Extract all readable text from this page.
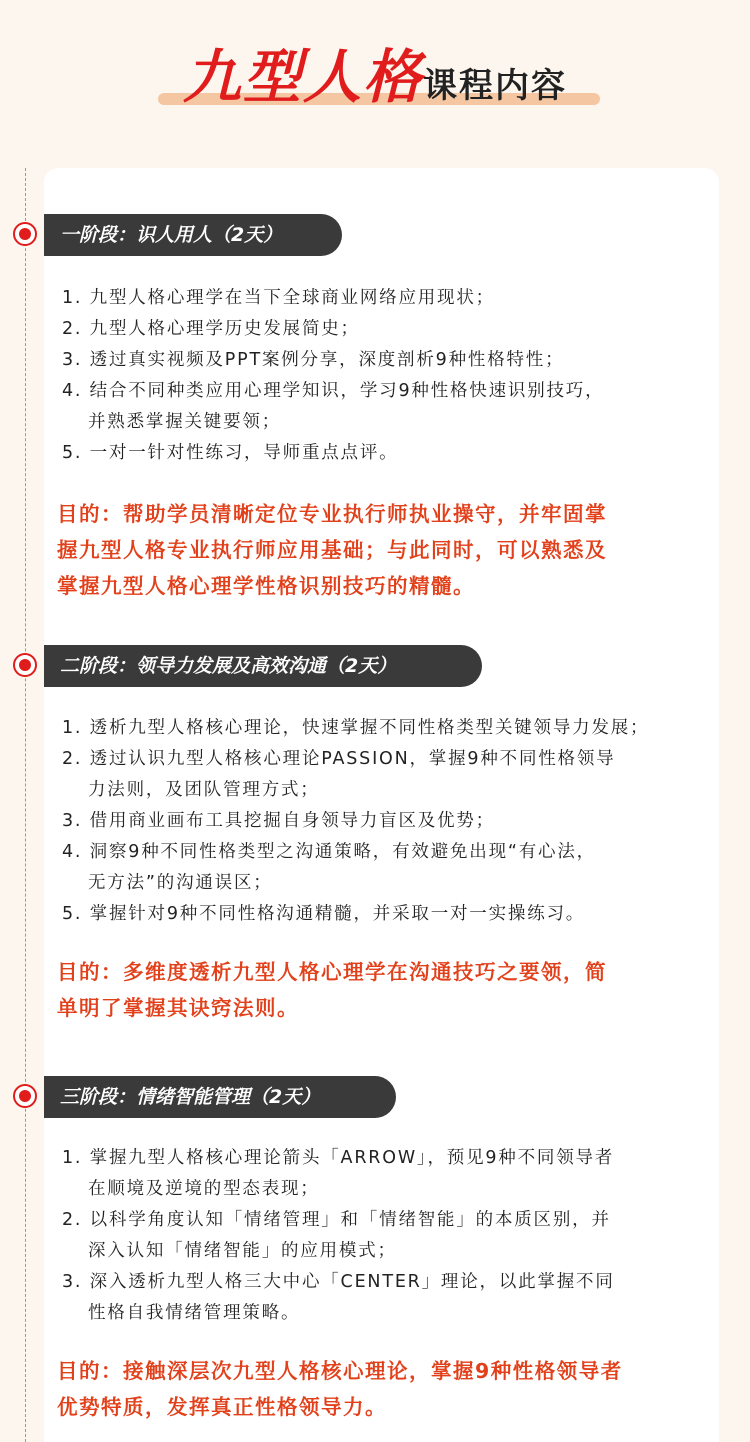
九型人格课程内容
一阶段：识人用人（2天）
1. 九型人格心理学在当下全球商业网络应用现状；
2. 九型人格心理学历史发展简史；
3. 透过真实视频及PPT案例分享，深度剖析9种性格特性；
4. 结合不同种类应用心理学知识，学习9种性格快速识别技巧，
并熟悉掌握关键要领；
5. 一对一针对性练习，导师重点点评。
目的：帮助学员清晰定位专业执行师执业操守，并牢固掌
握九型人格专业执行师应用基础；与此同时，可以熟悉及
掌握九型人格心理学性格识别技巧的精髓。
二阶段：领导力发展及高效沟通（2天）
1. 透析九型人格核心理论，快速掌握不同性格类型关键领导力发展；
2. 透过认识九型人格核心理论PASSION，掌握9种不同性格领导
力法则，及团队管理方式；
3. 借用商业画布工具挖掘自身领导力盲区及优势；
4. 洞察9种不同性格类型之沟通策略，有效避免出现“有心法，
无方法”的沟通误区；
5. 掌握针对9种不同性格沟通精髓，并采取一对一实操练习。
目的：多维度透析九型人格心理学在沟通技巧之要领，简
单明了掌握其诀窍法则。
三阶段：情绪智能管理（2天）
1. 掌握九型人格核心理论箭头「ARROW」，预见9种不同领导者
在顺境及逆境的型态表现；
2. 以科学角度认知「情绪管理」和「情绪智能」的本质区别，并
深入认知「情绪智能」的应用模式；
3. 深入透析九型人格三大中心「CENTER」理论，以此掌握不同
性格自我情绪管理策略。
目的：接触深层次九型人格核心理论，掌握9种性格领导者
优势特质，发挥真正性格领导力。
